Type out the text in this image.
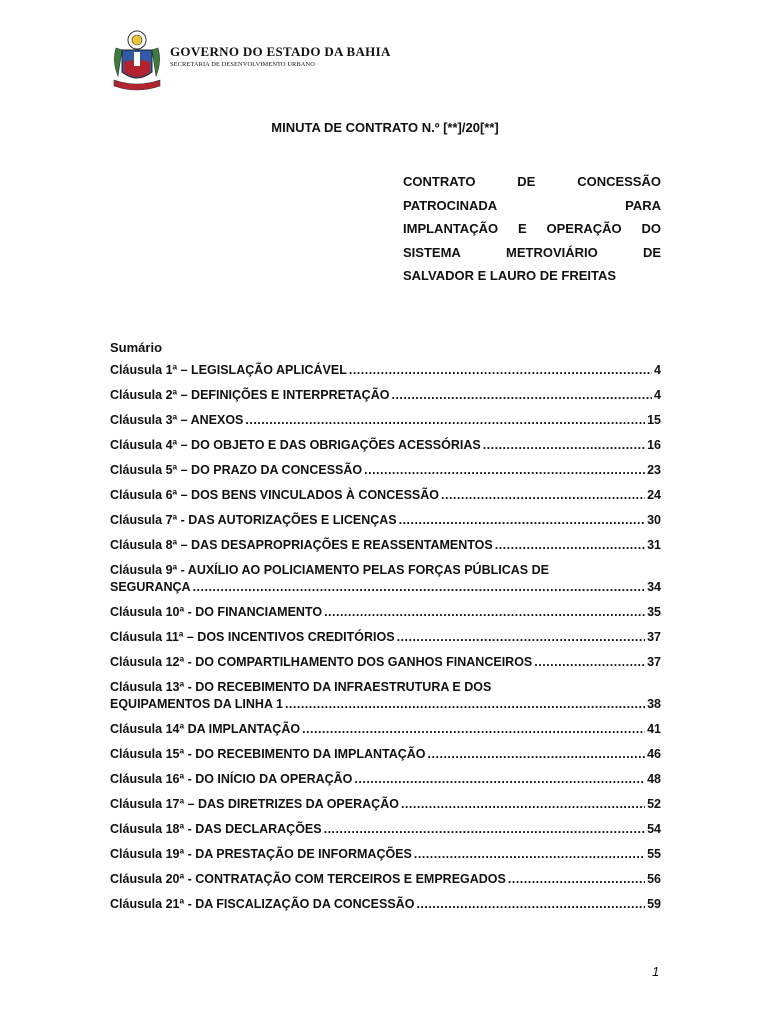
GOVERNO DO ESTADO DA BAHIA
SECRETARIA DE DESENVOLVIMENTO URBANO
MINUTA DE CONTRATO N.º [**]/20[**]
CONTRATO	DE	CONCESSÃO
PATROCINADA	PARA
IMPLANTAÇÃO E OPERAÇÃO DO
SISTEMA	METROVIÁRIO	DE
SALVADOR E LAURO DE FREITAS
Sumário
Cláusula 1ª – LEGISLAÇÃO APLICÁVEL .....	4
Cláusula 2ª – DEFINIÇÕES E INTERPRETAÇÃO .....	4
Cláusula 3ª – ANEXOS .....	15
Cláusula 4ª – DO OBJETO E DAS OBRIGAÇÕES ACESSÓRIAS .....	16
Cláusula 5ª – DO PRAZO DA CONCESSÃO .....	23
Cláusula 6ª – DOS BENS VINCULADOS À CONCESSÃO .....	24
Cláusula 7ª - DAS AUTORIZAÇÕES E LICENÇAS .....	30
Cláusula 8ª – DAS DESAPROPRIAÇÕES E REASSENTAMENTOS .....	31
Cláusula 9ª - AUXÍLIO AO POLICIAMENTO PELAS FORÇAS PÚBLICAS DE
SEGURANÇA .....	34
Cláusula 10ª - DO FINANCIAMENTO .....	35
Cláusula 11ª – DOS INCENTIVOS CREDITÓRIOS .....	37
Cláusula 12ª - DO COMPARTILHAMENTO DOS GANHOS FINANCEIROS .....	37
Cláusula 13ª - DO RECEBIMENTO DA INFRAESTRUTURA E DOS
EQUIPAMENTOS DA LINHA 1 .....	38
Cláusula 14ª DA IMPLANTAÇÃO .....	41
Cláusula 15ª - DO RECEBIMENTO DA IMPLANTAÇÃO .....	46
Cláusula 16ª - DO INÍCIO DA OPERAÇÃO .....	48
Cláusula 17ª – DAS DIRETRIZES DA OPERAÇÃO .....	52
Cláusula 18ª - DAS DECLARAÇÕES .....	54
Cláusula 19ª - DA PRESTAÇÃO DE INFORMAÇÕES .....	55
Cláusula 20ª - CONTRATAÇÃO COM TERCEIROS E EMPREGADOS .....	56
Cláusula 21ª - DA FISCALIZAÇÃO DA CONCESSÃO .....	59
1
